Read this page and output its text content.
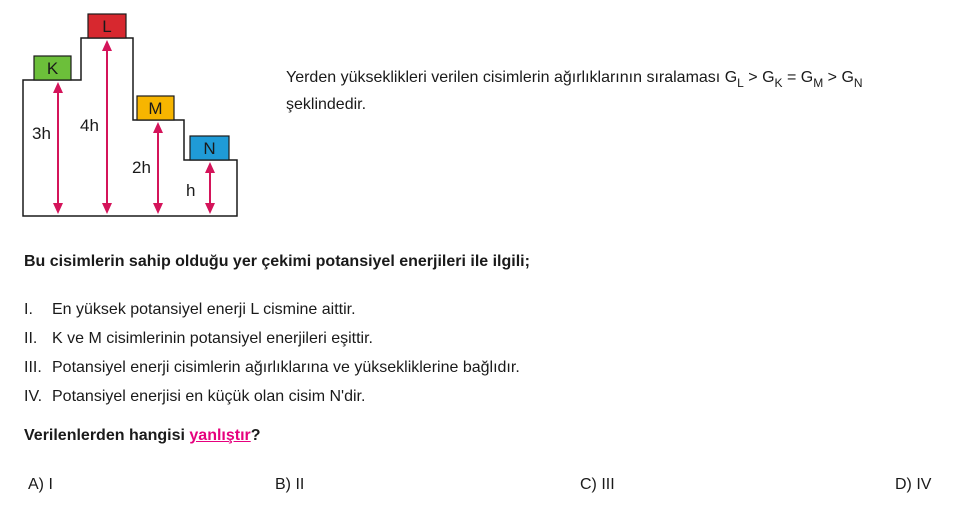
K
L
M
N
3h 4h
2h
h
Yerden yükseklikleri verilen cisimlerin ağırlıklarının sıralaması $G_L > G_K = G_M > G_N$
şeklindedir.
Bu cisimlerin sahip olduğu yer çekimi potansiyel enerjileri ile ilgili;
I.	En yüksek potansiyel enerji L cismine aittir.
II. K ve M cisimlerinin potansiyel enerjileri eşittir.
III. Potansiyel enerji cisimlerin ağırlıklarına ve yüksekliklerine bağlıdır.
IV. Potansiyel enerjisi en küçük olan cisim N'dir.
Verilenlerden hangisi yanlıştır?
A) I	B) II	C) III	D) IV
